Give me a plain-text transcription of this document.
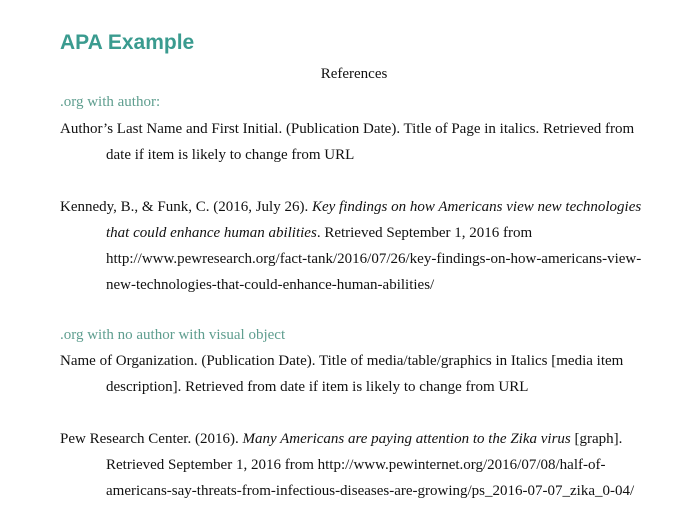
APA Example
References
.org with author:
Author’s Last Name and First Initial. (Publication Date). Title of Page in italics. Retrieved from
date if item is likely to change from URL
Kennedy, B., & Funk, C. (2016, July 26). Key findings on how Americans view new technologies
that could enhance human abilities. Retrieved September 1, 2016 from
http://www.pewresearch.org/fact-tank/2016/07/26/key-findings-on-how-americans-view-
new-technologies-that-could-enhance-human-abilities/
.org with no author with visual object
Name of Organization. (Publication Date). Title of media/table/graphics in Italics [media item
description]. Retrieved from date if item is likely to change from URL
Pew Research Center. (2016). Many Americans are paying attention to the Zika virus [graph].
Retrieved September 1, 2016 from http://www.pewinternet.org/2016/07/08/half-of-
americans-say-threats-from-infectious-diseases-are-growing/ps_2016-07-07_zika_0-04/
